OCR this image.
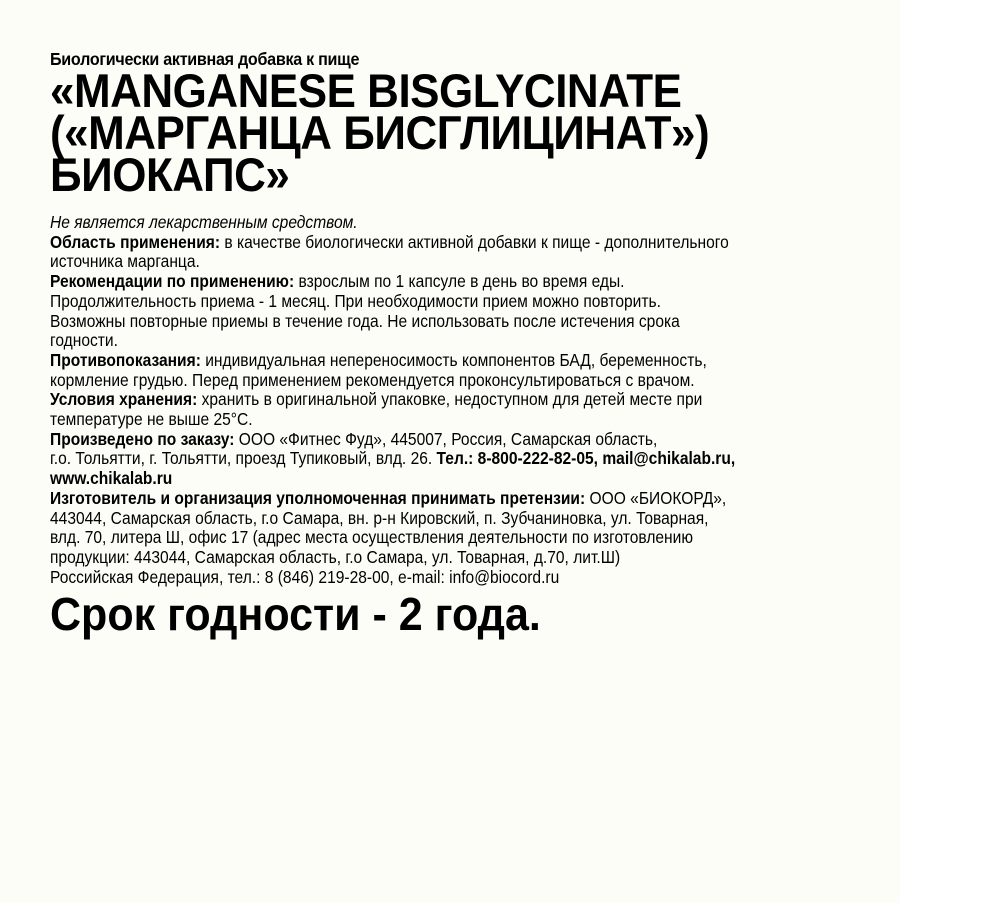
Биологически активная добавка к пище
«MANGANESE BISGLYCINATE
(«МАРГАНЦА БИСГЛИЦИНАТ»)
БИОКАПС»
Не является лекарственным средством.
Область применения: в качестве биологически активной добавки к пище - дополнительного
источника марганца.
Рекомендации по применению: взрослым по 1 капсуле в день во время еды.
Продолжительность приема - 1 месяц. При необходимости прием можно повторить.
Возможны повторные приемы в течение года. Не использовать после истечения срока
годности.
Противопоказания: индивидуальная непереносимость компонентов БАД, беременность,
кормление грудью. Перед применением рекомендуется проконсультироваться с врачом.
Условия хранения: хранить в оригинальной упаковке, недоступном для детей месте при
температуре не выше 25°С.
Произведено по заказу: ООО «Фитнес Фуд», 445007, Россия, Самарская область,
г.о. Тольятти, г. Тольятти, проезд Тупиковый, влд. 26. Тел.: 8-800-222-82-05, mail@chikalab.ru,
www.chikalab.ru
Изготовитель и организация уполномоченная принимать претензии: ООО «БИОКОРД»,
443044, Самарская область, г.о Самара, вн. р-н Кировский, п. Зубчаниновка, ул. Товарная,
влд. 70, литера Ш, офис 17 (адрес места осуществления деятельности по изготовлению
продукции: 443044, Самарская область, г.о Самара, ул. Товарная, д.70, лит.Ш)
Российская Федерация, тел.: 8 (846) 219-28-00, e-mail: info@biocord.ru
Срок годности - 2 года.
